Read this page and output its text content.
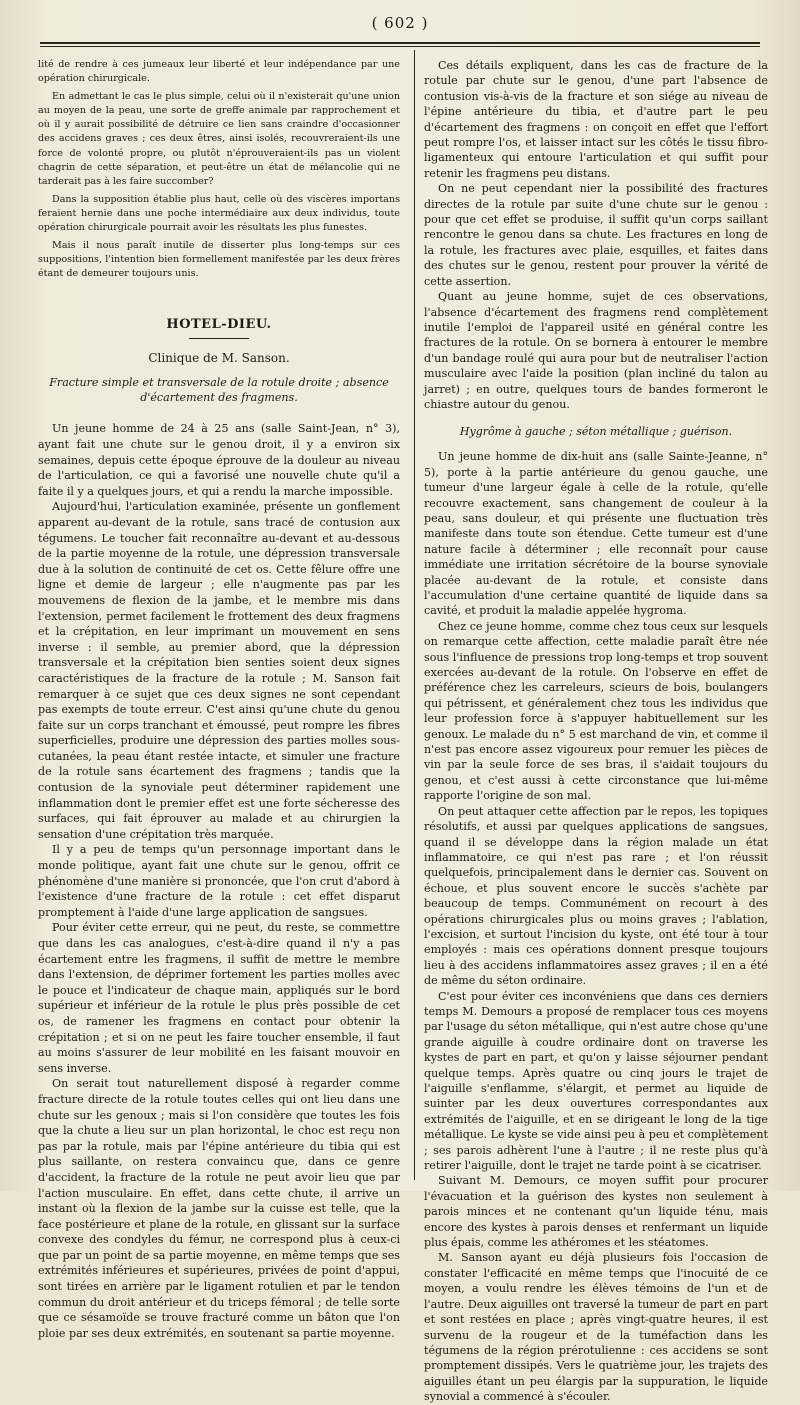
( 602 )

lité de rendre à ces jumeaux leur liberté et leur indépendance par une opération chirurgicale.

En admettant le cas le plus simple, celui où il n'existerait qu'une union au moyen de la peau, une sorte de greffe animale par rapprochement et où il y aurait possibilité de détruire ce lien sans craindre d'occasionner des accidens graves ; ces deux êtres, ainsi isolés, recouvreraient-ils une force de volonté propre, ou plutôt n'éprouveraient-ils pas un violent chagrin de cette séparation, et peut-être un état de mélancolie qui ne tarderait pas à les faire succomber?

Dans la supposition établie plus haut, celle où des viscères importans feraient hernie dans une poche intermédiaire aux deux individus, toute opération chirurgicale pourrait avoir les résultats les plus funestes.

Mais il nous paraît inutile de disserter plus long-temps sur ces suppositions, l'intention bien formellement manifestée par les deux frères étant de demeurer toujours unis.

HOTEL-DIEU.

Clinique de M. Sanson.

Fracture simple et transversale de la rotule droite ; absence d'écartement des fragmens.

Un jeune homme de 24 à 25 ans (salle Saint-Jean, n° 3), ayant fait une chute sur le genou droit, il y a environ six semaines, depuis cette époque éprouve de la douleur au niveau de l'articulation, ce qui a favorisé une nouvelle chute qu'il a faite il y a quelques jours, et qui a rendu la marche impossible.

Aujourd'hui, l'articulation examinée, présente un gonflement apparent au-devant de la rotule, sans tracé de contusion aux tégumens. Le toucher fait reconnaître au-devant et au-dessous de la partie moyenne de la rotule, une dépression transversale due à la solution de continuité de cet os. Cette fêlure offre une ligne et demie de largeur ; elle n'augmente pas par les mouvemens de flexion de la jambe, et le membre mis dans l'extension, permet facilement le frottement des deux fragmens et la crépitation, en leur imprimant un mouvement en sens inverse : il semble, au premier abord, que la dépression transversale et la crépitation bien senties soient deux signes caractéristiques de la fracture de la rotule ; M. Sanson fait remarquer à ce sujet que ces deux signes ne sont cependant pas exempts de toute erreur. C'est ainsi qu'une chute du genou faite sur un corps tranchant et émoussé, peut rompre les fibres superficielles, produire une dépression des parties molles sous-cutanées, la peau étant restée intacte, et simuler une fracture de la rotule sans écartement des fragmens ; tandis que la contusion de la synoviale peut déterminer rapidement une inflammation dont le premier effet est une forte sécheresse des surfaces, qui fait éprouver au malade et au chirurgien la sensation d'une crépitation très marquée.

Il y a peu de temps qu'un personnage important dans le monde politique, ayant fait une chute sur le genou, offrit ce phénomène d'une manière si prononcée, que l'on crut d'abord à l'existence d'une fracture de la rotule : cet effet disparut promptement à l'aide d'une large application de sangsues.

Pour éviter cette erreur, qui ne peut, du reste, se commettre que dans les cas analogues, c'est-à-dire quand il n'y a pas écartement entre les fragmens, il suffit de mettre le membre dans l'extension, de déprimer fortement les parties molles avec le pouce et l'indicateur de chaque main, appliqués sur le bord supérieur et inférieur de la rotule le plus près possible de cet os, de ramener les fragmens en contact pour obtenir la crépitation ; et si on ne peut les faire toucher ensemble, il faut au moins s'assurer de leur mobilité en les faisant mouvoir en sens inverse.

On serait tout naturellement disposé à regarder comme fracture directe de la rotule toutes celles qui ont lieu dans une chute sur les genoux ; mais si l'on considère que toutes les fois que la chute a lieu sur un plan horizontal, le choc est reçu non pas par la rotule, mais par l'épine antérieure du tibia qui est plus saillante, on restera convaincu que, dans ce genre d'accident, la fracture de la rotule ne peut avoir lieu que par l'action musculaire. En effet, dans cette chute, il arrive un instant où la flexion de la jambe sur la cuisse est telle, que la face postérieure et plane de la rotule, en glissant sur la surface convexe des condyles du fémur, ne correspond plus à ceux-ci que par un point de sa partie moyenne, en même temps que ses extrémités inférieures et supérieures, privées de point d'appui, sont tirées en arrière par le ligament rotulien et par le tendon commun du droit antérieur et du triceps fémoral ; de telle sorte que ce sésamoïde se trouve fracturé comme un bâton que l'on ploie par ses deux extrémités, en soutenant sa partie moyenne.

Ces détails expliquent, dans les cas de fracture de la rotule par chute sur le genou, d'une part l'absence de contusion vis-à-vis de la fracture et son siége au niveau de l'épine antérieure du tibia, et d'autre part le peu d'écartement des fragmens : on conçoit en effet que l'effort peut rompre l'os, et laisser intact sur les côtés le tissu fibro-ligamenteux qui entoure l'articulation et qui suffit pour retenir les fragmens peu distans.

On ne peut cependant nier la possibilité des fractures directes de la rotule par suite d'une chute sur le genou : pour que cet effet se produise, il suffit qu'un corps saillant rencontre le genou dans sa chute. Les fractures en long de la rotule, les fractures avec plaie, esquilles, et faites dans des chutes sur le genou, restent pour prouver la vérité de cette assertion.

Quant au jeune homme, sujet de ces observations, l'absence d'écartement des fragmens rend complètement inutile l'emploi de l'appareil usité en général contre les fractures de la rotule. On se bornera à entourer le membre d'un bandage roulé qui aura pour but de neutraliser l'action musculaire avec l'aide la position (plan incliné du talon au jarret) ; en outre, quelques tours de bandes formeront le chiastre autour du genou.

Hygrôme à gauche ; séton métallique ; guérison.

Un jeune homme de dix-huit ans (salle Sainte-Jeanne, n° 5), porte à la partie antérieure du genou gauche, une tumeur d'une largeur égale à celle de la rotule, qu'elle recouvre exactement, sans changement de couleur à la peau, sans douleur, et qui présente une fluctuation très manifeste dans toute son étendue. Cette tumeur est d'une nature facile à déterminer ; elle reconnaît pour cause immédiate une irritation sécrétoire de la bourse synoviale placée au-devant de la rotule, et consiste dans l'accumulation d'une certaine quantité de liquide dans sa cavité, et produit la maladie appelée hygroma.

Chez ce jeune homme, comme chez tous ceux sur lesquels on remarque cette affection, cette maladie paraît être née sous l'influence de pressions trop long-temps et trop souvent exercées au-devant de la rotule. On l'observe en effet de préférence chez les carreleurs, scieurs de bois, boulangers qui pétrissent, et généralement chez tous les individus que leur profession force à s'appuyer habituellement sur les genoux. Le malade du n° 5 est marchand de vin, et comme il n'est pas encore assez vigoureux pour remuer les pièces de vin par la seule force de ses bras, il s'aidait toujours du genou, et c'est aussi à cette circonstance que lui-même rapporte l'origine de son mal.

On peut attaquer cette affection par le repos, les topiques résolutifs, et aussi par quelques applications de sangsues, quand il se développe dans la région malade un état inflammatoire, ce qui n'est pas rare ; et l'on réussit quelquefois, principalement dans le dernier cas. Souvent on échoue, et plus souvent encore le succès s'achète par beaucoup de temps. Communément on recourt à des opérations chirurgicales plus ou moins graves ; l'ablation, l'excision, et surtout l'incision du kyste, ont été tour à tour employés : mais ces opérations donnent presque toujours lieu à des accidens inflammatoires assez graves ; il en a été de même du séton ordinaire.

C'est pour éviter ces inconvéniens que dans ces derniers temps M. Demours a proposé de remplacer tous ces moyens par l'usage du séton métallique, qui n'est autre chose qu'une grande aiguille à coudre ordinaire dont on traverse les kystes de part en part, et qu'on y laisse séjourner pendant quelque temps. Après quatre ou cinq jours le trajet de l'aiguille s'enflamme, s'élargit, et permet au liquide de suinter par les deux ouvertures correspondantes aux extrémités de l'aiguille, et en se dirigeant le long de la tige métallique. Le kyste se vide ainsi peu à peu et complètement ; ses parois adhèrent l'une à l'autre ; il ne reste plus qu'à retirer l'aiguille, dont le trajet ne tarde point à se cicatriser.

Suivant M. Demours, ce moyen suffit pour procurer l'évacuation et la guérison des kystes non seulement à parois minces et ne contenant qu'un liquide ténu, mais encore des kystes à parois denses et renfermant un liquide plus épais, comme les athéromes et les stéatomes.

M. Sanson ayant eu déjà plusieurs fois l'occasion de constater l'efficacité en même temps que l'inocuité de ce moyen, a voulu rendre les élèves témoins de l'un et de l'autre. Deux aiguilles ont traversé la tumeur de part en part et sont restées en place ; après vingt-quatre heures, il est survenu de la rougeur et de la tuméfaction dans les tégumens de la région prérotulienne : ces accidens se sont promptement dissipés. Vers le quatrième jour, les trajets des aiguilles étant un peu élargis par la suppuration, le liquide synovial a commencé à s'écouler.
